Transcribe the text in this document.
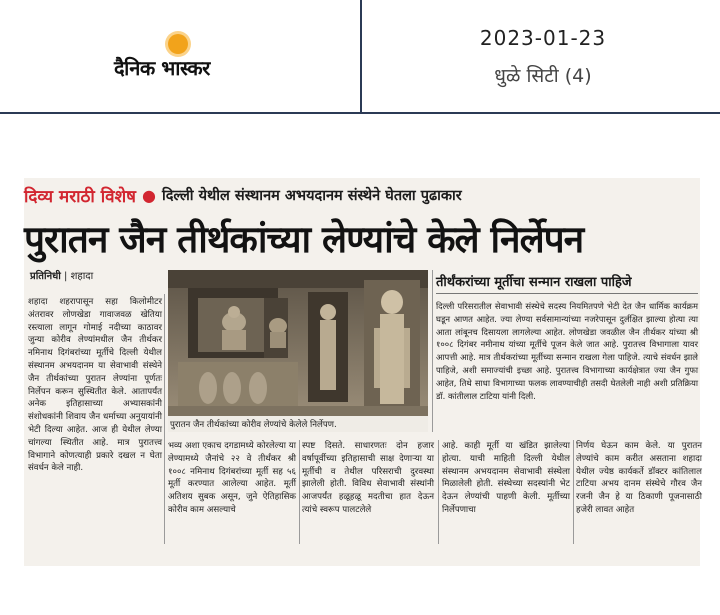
दैनिक भास्कर
2023-01-23
धुळे सिटी (4)
दिव्य मराठी विशेष ● दिल्ली येथील संस्थानम अभयदानम संस्थेने घेतला पुढाकार
पुरातन जैन तीर्थकांच्या लेण्यांचे केले निर्लेपन
प्रतिनिधी | शहादा
शहादा शहरापासून सहा किलोमीटर अंतरावर लोणखेडा गावाजवळ खेतिया रस्त्याला लागून गोमाई नदीच्या काठावर जुन्या कोरीव लेण्यांमधील जैन तीर्थकर नमिनाथ दिगंबरांच्या मूर्तीचे दिल्ली येथील संस्थानम अभयदानम या सेवाभावी संस्थेने जैन तीर्थकांच्या पुरातन लेण्यांना पूर्णतः निर्लेपन करून सुस्थितीत केले. आतापर्यंत अनेक इतिहासाच्या अभ्यासकांनी संशोधकांनी शिवाय जैन धर्माच्या अनुयायांनी भेटी दिल्या आहेत. आज ही येथील लेण्या चांगल्या स्थितीत आहे. मात्र पुरातत्त्व विभागाने कोणत्याही प्रकारे दखल न घेता संवर्धन केले नाही.
पुरातन जैन तीर्थकांच्या कोरीव लेण्यांचे केलेले निर्लेपण.
तीर्थंकरांच्या मूर्तीचा सन्मान राखला पाहिजे
दिल्ली परिसरातील सेवाभावी संस्थेचे सदस्य नियमितपणे भेटी देत जैन धार्मिक कार्यक्रम घडून आणत आहेत. ज्या लेण्या सर्वसामान्यांच्या नजरेपासून दुर्लक्षित झाल्या होत्या त्या आता लांबूनच दिसायला लागलेल्या आहेत. लोणखेडा जवळील जैन तीर्थकर यांच्या श्री १००८ दिगंबर नमीनाथ यांच्या मूर्तीचे पूजन केले जात आहे. पुरातत्त्व विभागाला यावर आपत्ती आहे. मात्र तीर्थकरांच्या मूर्तीच्या सन्मान राखला गेला पाहिजे. त्याचे संवर्धन झाले पाहिजे, अशी समाज्यांची इच्छा आहे. पुरातत्त्व विभागाच्या कार्यक्षेत्रात ज्या जैन गुफा आहेत, तिथे साधा विभागाच्या फलक लावण्याचीही तसदी घेतलेली नाही अशी प्रतिक्रिया डॉ. कांतीलाल टाटिया यांनी दिली.
भव्य अशा एकाच दगडामध्ये कोरलेल्या या लेण्यामध्ये जैनांचे २२ वे तीर्थंकर श्री १००८ नमिनाथ दिगंबरांच्या मूर्ती सह ५६ मूर्ती करण्यात आलेल्या आहेत. मूर्ती अतिशय सुबक असून, जुने ऐतिहासिक कोरीव काम असल्याचे
स्पष्ट दिसते. साधारणतः दोन हजार वर्षापूर्वीच्या इतिहासाची साक्ष देणाऱ्या या मूर्तीची व तेथील परिसराची दुरवस्था झालेली होती. विविध सेवाभावी संस्थांनी आजपर्यंत हळूहळू मदतीचा हात देऊन त्यांचे स्वरूप पालटलेले
आहे. काही मूर्ती या खंडित झालेल्या होत्या. याची माहिती दिल्ली येथील संस्थानम अभयदानम सेवाभावी संस्थेला मिळालेली होती. संस्थेच्या सदस्यांनी भेट देऊन लेण्यांची पाहणी केली. मूर्तीच्या निर्लेपणाचा
निर्णय घेऊन काम केले. या पुरातन लेण्यांचे काम करीत असताना शहादा येथील ज्येष्ठ कार्यकर्ते डॉक्टर कांतिलाल टाटिया अभय दानम संस्थेचे गौरव जैन रजनी जैन हे या ठिकाणी पूजनासाठी हजेरी लावत आहेत
